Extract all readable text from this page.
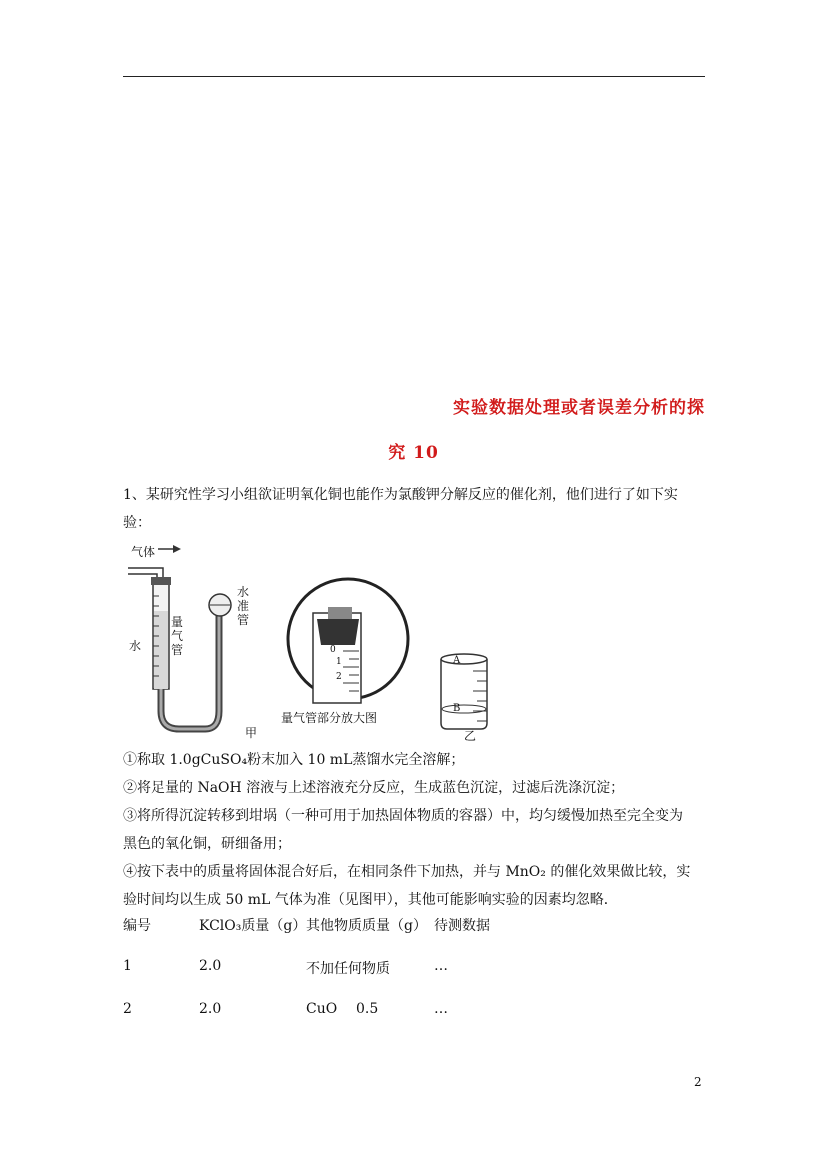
实验数据处理或者误差分析的探
究 10

1、某研究性学习小组欲证明氧化铜也能作为氯酸钾分解反应的催化剂，他们进行了如下实

验：

气体
水
量气管
水准管
甲
量气管部分放大图
乙
A
B
0
1
2

①称取 1.0gCuSO₄粉末加入 10 mL蒸馏水完全溶解；

②将足量的 NaOH 溶液与上述溶液充分反应，生成蓝色沉淀，过滤后洗涤沉淀；

③将所得沉淀转移到坩埚（一种可用于加热固体物质的容器）中，均匀缓慢加热至完全变为

黑色的氧化铜，研细备用；

④按下表中的质量将固体混合好后，在相同条件下加热，并与 MnO₂ 的催化效果做比较，实

验时间均以生成 50 mL 气体为准（见图甲），其他可能影响实验的因素均忽略．

编号	KClO₃质量（g） 其他物质质量（g） 待测数据
1	2.0	不加任何物质	…
2	2.0	CuO 0.5	…
2
